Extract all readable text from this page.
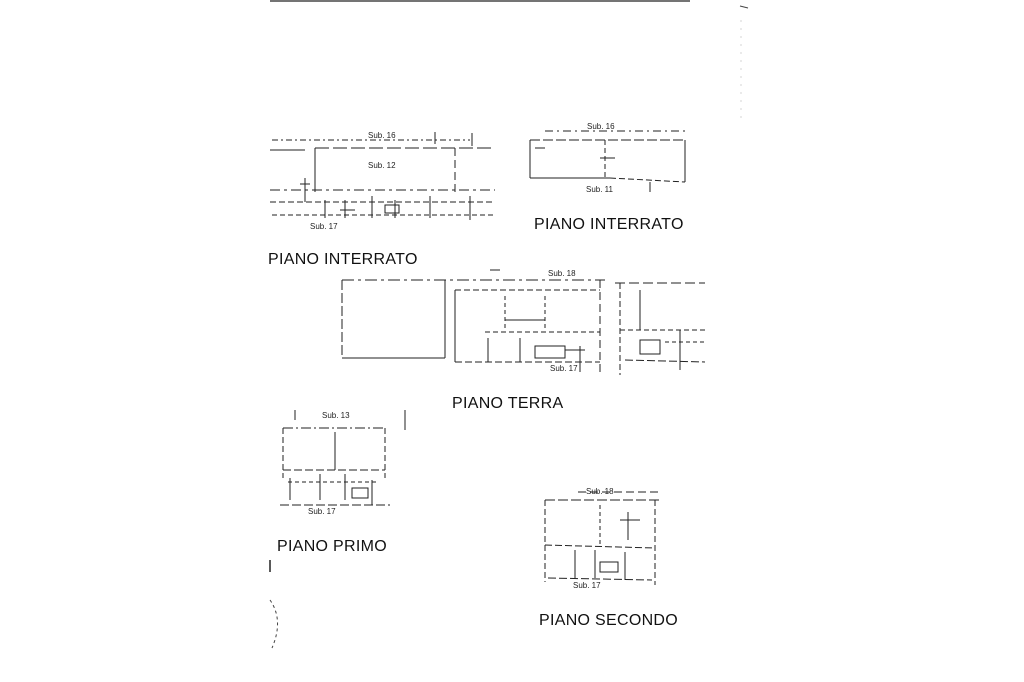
Sub. 16
Sub. 12
Sub. 17
Sub. 16
Sub. 11
Sub. 18
Sub. 17
Sub. 13
Sub. 17
Sub. 18
Sub. 17
PIANO INTERRATO
PIANO INTERRATO
PIANO TERRA
PIANO PRIMO
PIANO SECONDO
